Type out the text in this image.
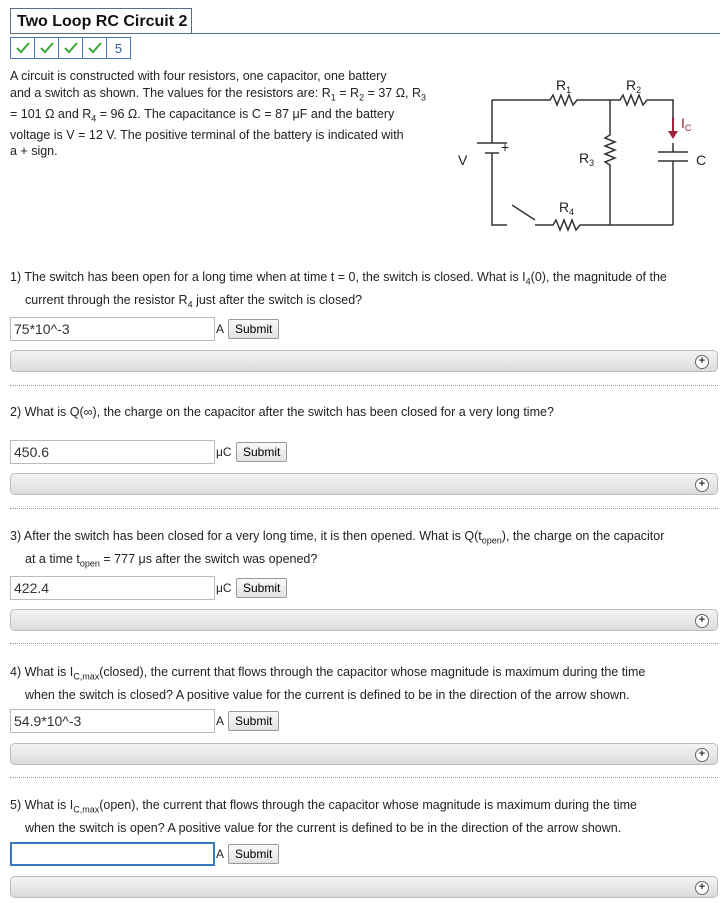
Two Loop RC Circuit 2
5
A circuit is constructed with four resistors, one capacitor, one battery
and a switch as shown. The values for the resistors are: $R_1 = R_2 = 37$ Ω, $R_3$
= 101 Ω and $R_4 = 96$ Ω. The capacitance is C = 87 μF and the battery
voltage is V = 12 V. The positive terminal of the battery is indicated with
a + sign.
$R_1$	$R_2$
$R_3$
$R_4$
V	C
+
$I_C$
1) The switch has been open for a long time when at time t = 0, the switch is closed. What is $I_4(0)$, the magnitude of the
current through the resistor $R_4$ just after the switch is closed?
75*10^-3	A Submit
+
2) What is Q(∞), the charge on the capacitor after the switch has been closed for a very long time?
450.6	μC Submit
+
3) After the switch has been closed for a very long time, it is then opened. What is $Q(t_{open})$, the charge on the capacitor
at a time $t_{open} = 777$ μs after the switch was opened?
422.4	μC Submit
+
4) What is $I_{C,max}(closed)$, the current that flows through the capacitor whose magnitude is maximum during the time
when the switch is closed? A positive value for the current is defined to be in the direction of the arrow shown.
54.9*10^-3	A Submit
+
5) What is $I_{C,max}(open)$, the current that flows through the capacitor whose magnitude is maximum during the time
when the switch is open? A positive value for the current is defined to be in the direction of the arrow shown.
A Submit
+
